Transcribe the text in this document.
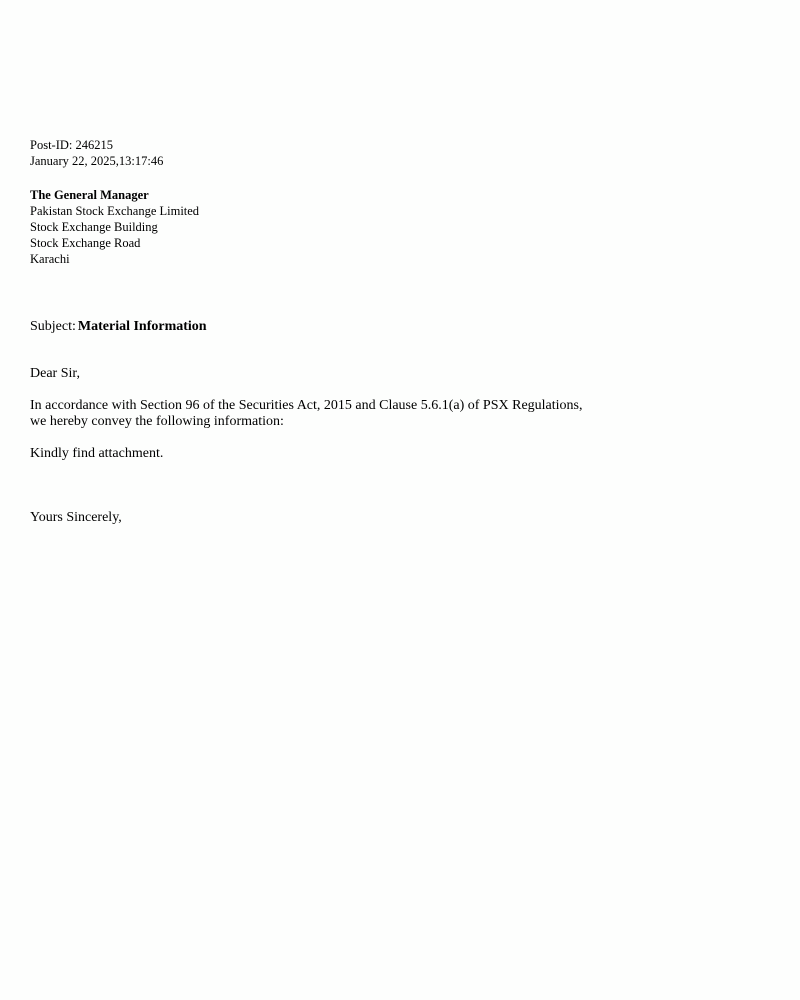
Post-ID: 246215
January 22, 2025,13:17:46
The General Manager
Pakistan Stock Exchange Limited
Stock Exchange Building
Stock Exchange Road
Karachi
Subject: Material Information
Dear Sir,
In accordance with Section 96 of the Securities Act, 2015 and Clause 5.6.1(a) of PSX Regulations,
we hereby convey the following information:
Kindly find attachment.
Yours Sincerely,
